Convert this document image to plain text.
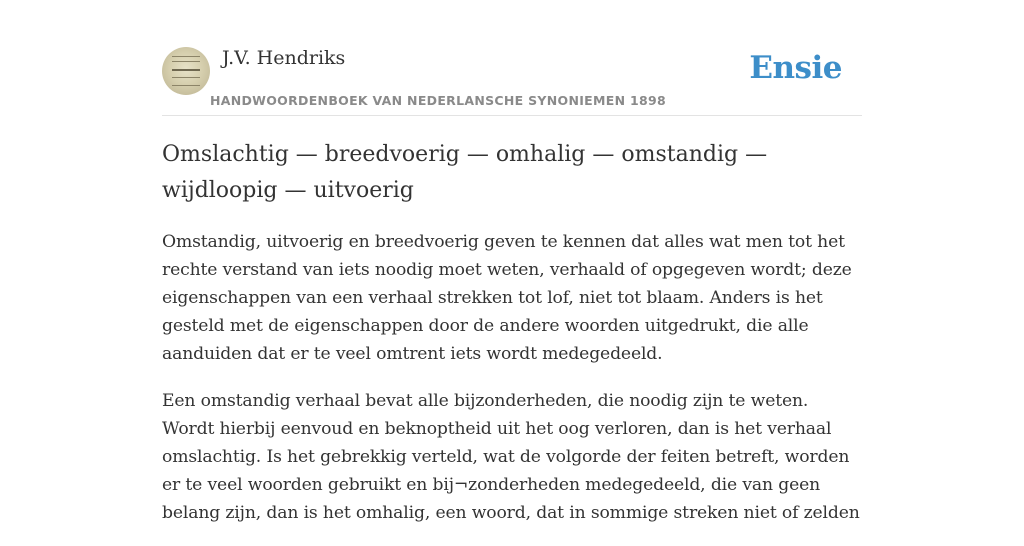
J.V. Hendriks
HANDWOORDENBOEK VAN NEDERLANSCHE SYNONIEMEN 1898
Ensie
Omslachtig — breedvoerig — omhalig — omstandig — wijdloopig — uitvoerig

Omstandig, uitvoerig en breedvoerig geven te kennen dat alles wat men tot het rechte verstand van iets noodig moet weten, verhaald of opgegeven wordt; deze eigenschappen van een verhaal strekken tot lof, niet tot blaam. Anders is het gesteld met de eigenschappen door de andere woorden uitgedrukt, die alle aanduiden dat er te veel omtrent iets wordt medegedeeld.

Een omstandig verhaal bevat alle bijzonderheden, die noodig zijn te weten. Wordt hierbij eenvoud en beknoptheid uit het oog verloren, dan is het verhaal omslachtig. Is het gebrekkig verteld, wat de volgorde der feiten betreft, worden er te veel woorden gebruikt en bij¬zonderheden medegedeeld, die van geen belang zijn, dan is het omhalig, een woord, dat in sommige streken niet of zelden
